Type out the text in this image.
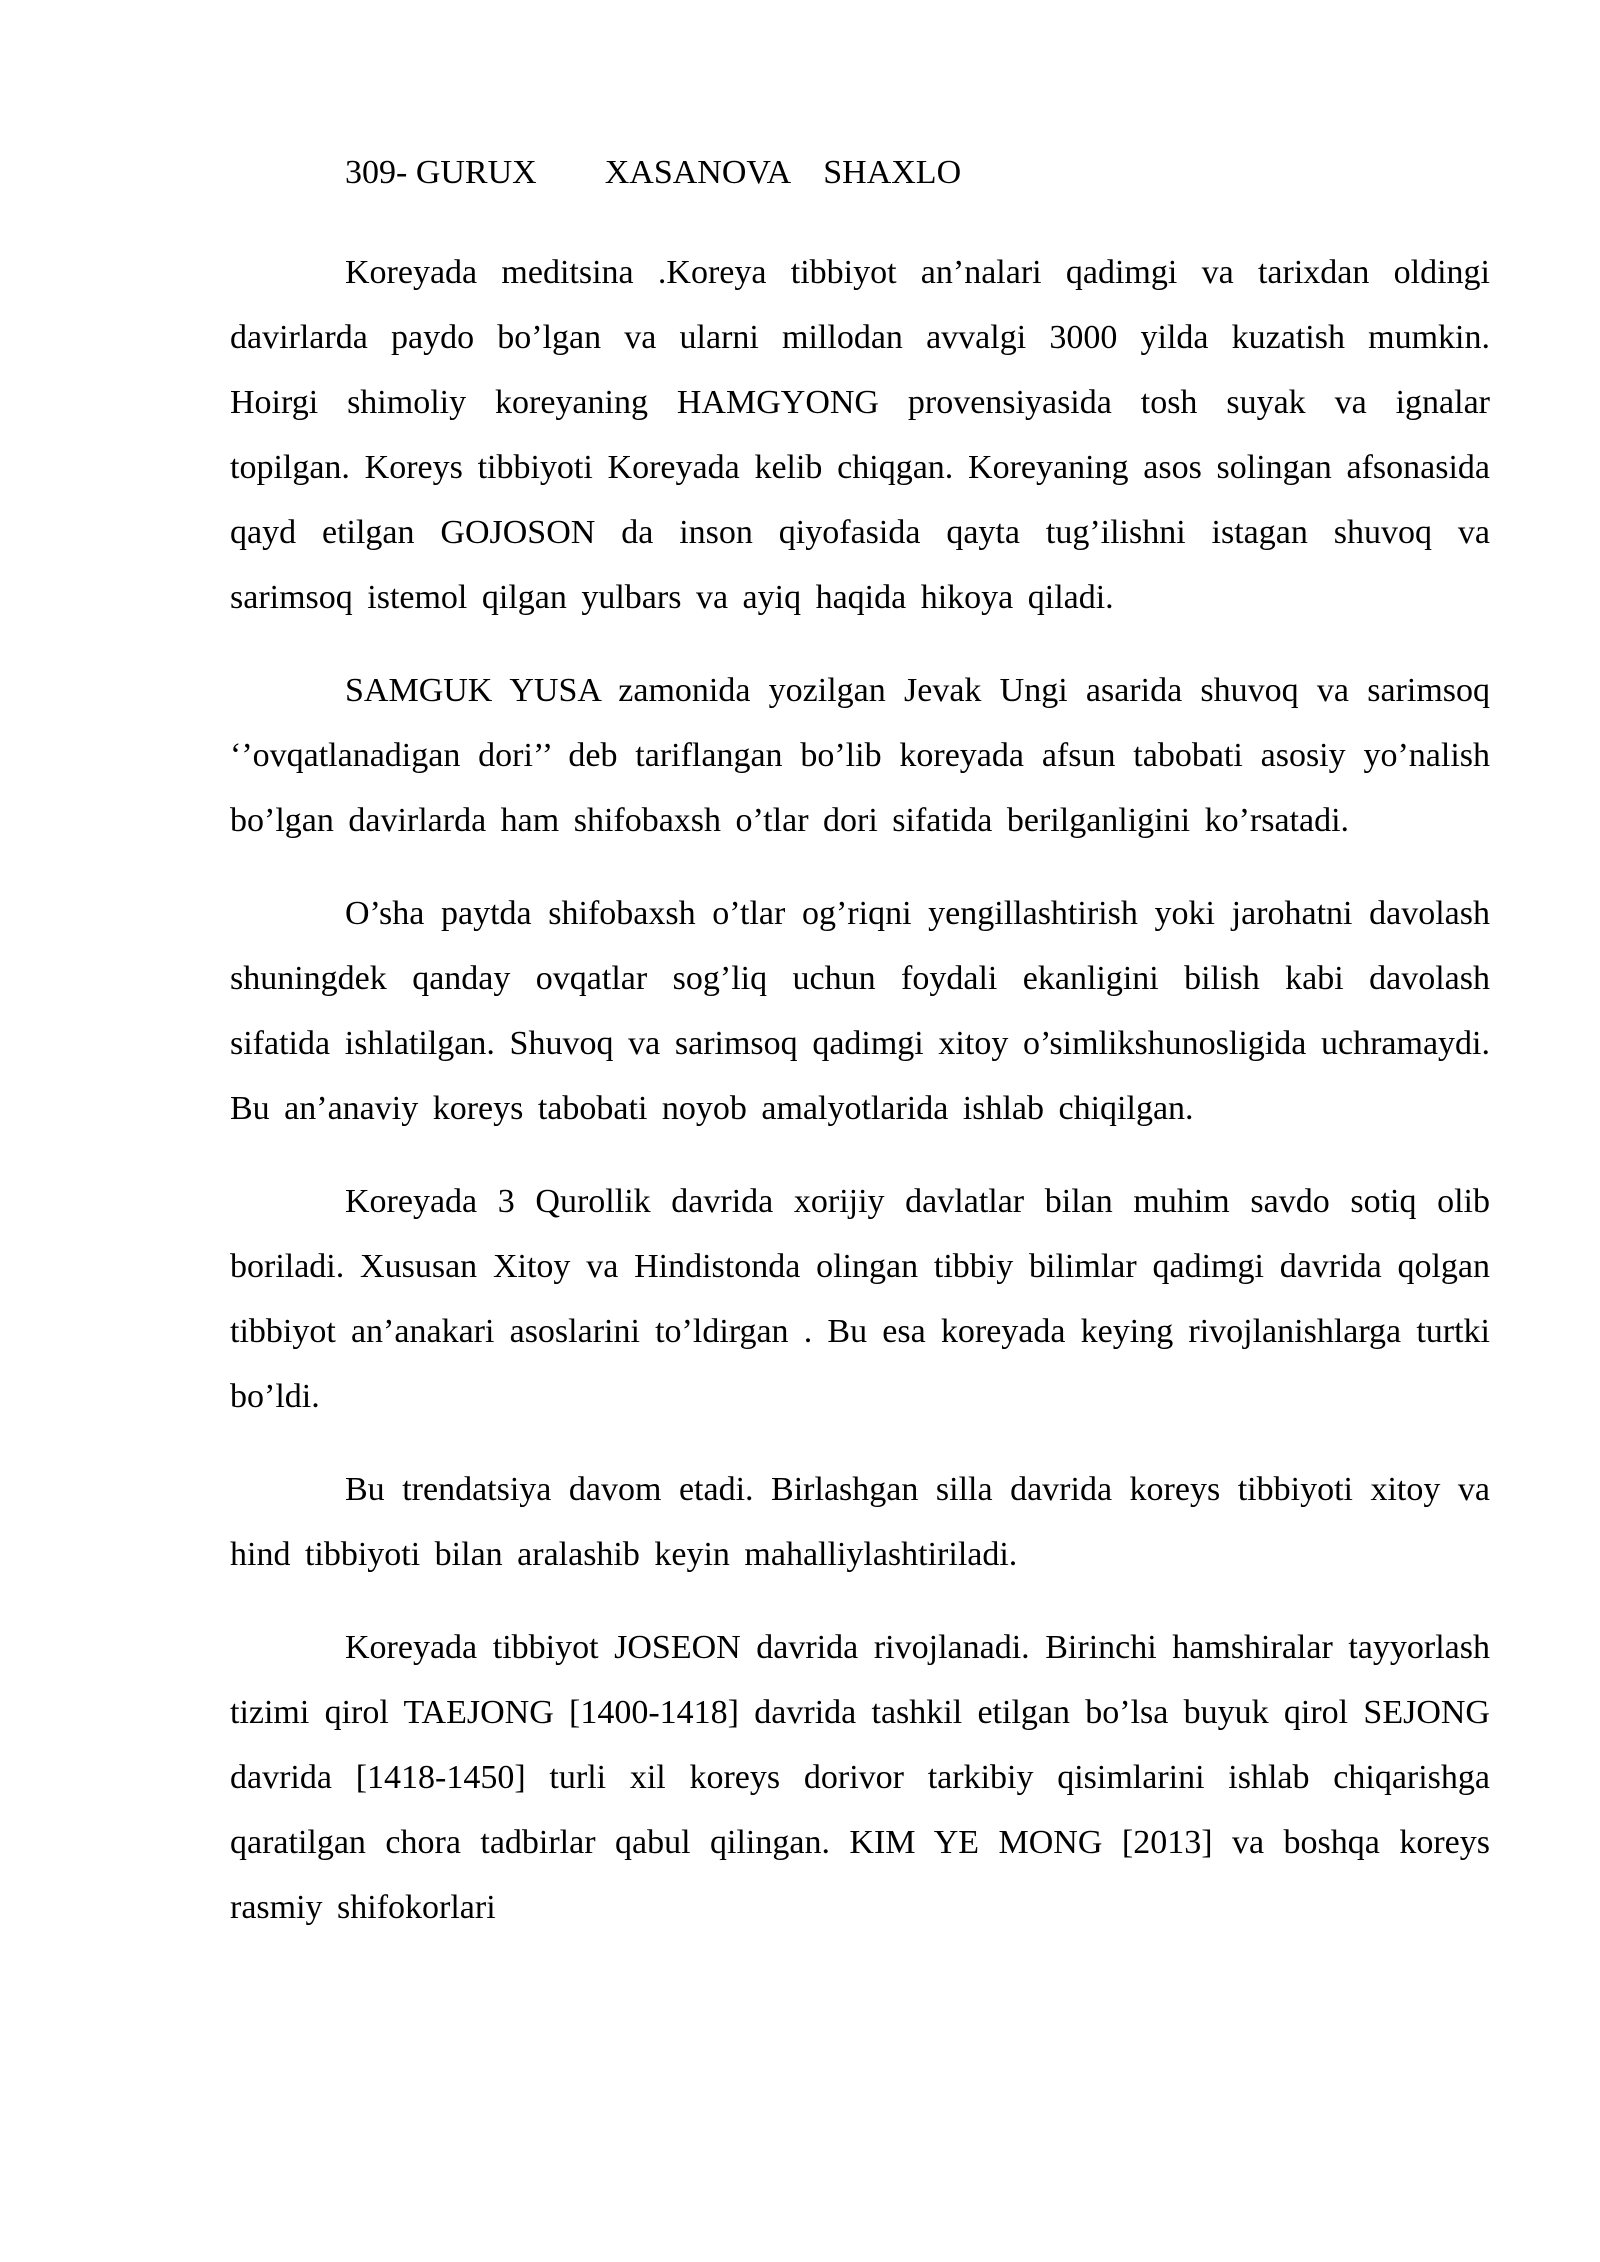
309- GURUX        XASANOVA    SHAXLO

Koreyada meditsina .Koreya tibbiyot an’nalari qadimgi va tarixdan oldingi davirlarda paydo bo’lgan va ularni millodan avvalgi 3000 yilda kuzatish mumkin. Hoirgi shimoliy koreyaning HAMGYONG provensiyasida tosh suyak va ignalar topilgan. Koreys tibbiyoti Koreyada kelib chiqgan. Koreyaning asos solingan afsonasida qayd etilgan GOJOSON da inson qiyofasida qayta tug’ilishni istagan shuvoq va sarimsoq istemol qilgan yulbars va ayiq haqida hikoya qiladi.

SAMGUK YUSA zamonida yozilgan Jevak Ungi asarida shuvoq va sarimsoq ‘’ovqatlanadigan dori’’ deb tariflangan bo’lib koreyada afsun tabobati asosiy yo’nalish bo’lgan davirlarda ham shifobaxsh o’tlar dori sifatida berilganligini ko’rsatadi.

O’sha paytda shifobaxsh o’tlar og’riqni yengillashtirish yoki jarohatni davolash shuningdek qanday ovqatlar sog’liq uchun foydali ekanligini bilish kabi davolash sifatida ishlatilgan. Shuvoq va sarimsoq qadimgi xitoy o’simlikshunosligida uchramaydi. Bu an’anaviy koreys tabobati noyob amalyotlarida ishlab chiqilgan.

Koreyada 3 Qurollik davrida xorijiy davlatlar bilan muhim savdo sotiq olib boriladi. Xususan Xitoy va Hindistonda olingan tibbiy bilimlar qadimgi davrida qolgan tibbiyot an’anakari asoslarini to’ldirgan . Bu esa koreyada keying rivojlanishlarga turtki bo’ldi.

Bu trendatsiya davom etadi. Birlashgan silla davrida koreys tibbiyoti xitoy va hind tibbiyoti bilan aralashib keyin mahalliylashtiriladi.

Koreyada tibbiyot JOSEON davrida rivojlanadi. Birinchi hamshiralar tayyorlash tizimi qirol TAEJONG [1400-1418] davrida tashkil etilgan bo’lsa buyuk qirol SEJONG davrida [1418-1450] turli xil koreys dorivor tarkibiy qisimlarini ishlab chiqarishga qaratilgan chora tadbirlar qabul qilingan. KIM YE MONG [2013] va boshqa koreys rasmiy shifokorlari
